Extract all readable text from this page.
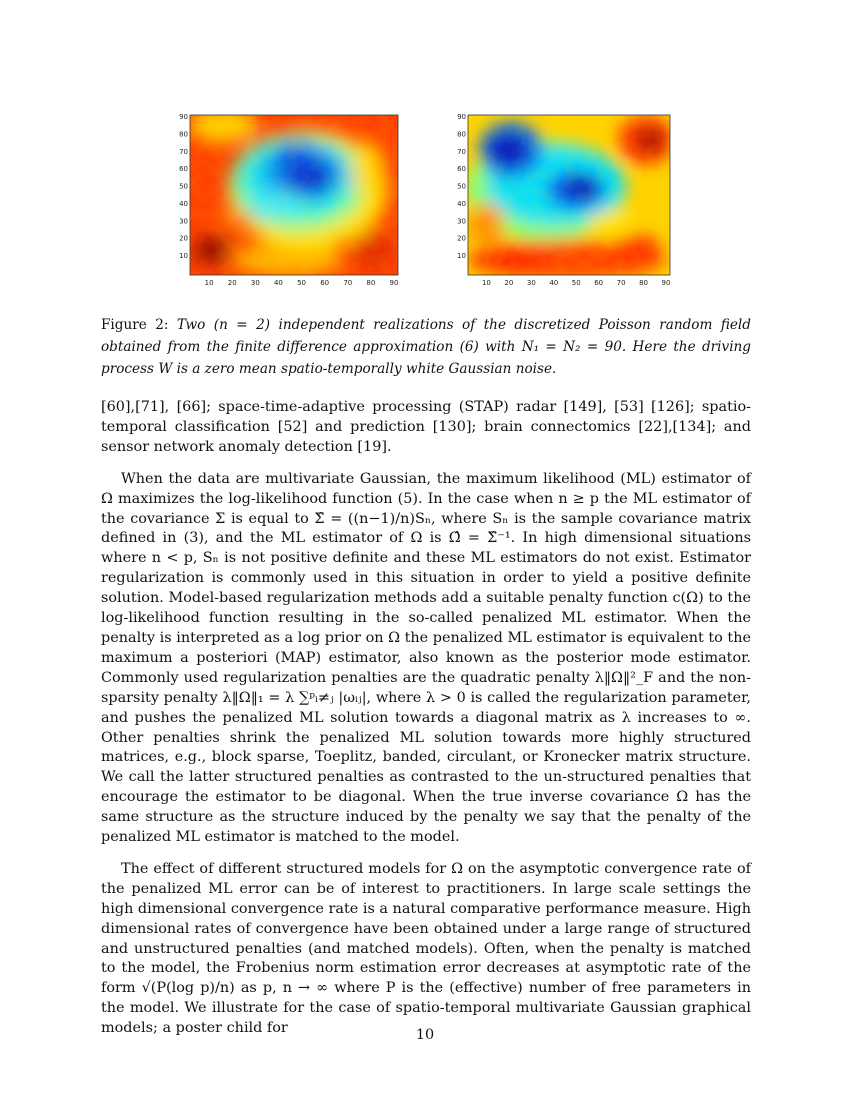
10 20 30 40 50 60 70 80 90
90
80
70
60
50
40
30
20
10
10 20 30 40 50 60 70 80 90
90
80
70
60
50
40
30
20
10
Figure 2: Two (n = 2) independent realizations of the discretized Poisson random field obtained from the finite difference approximation (6) with N₁ = N₂ = 90. Here the driving process W is a zero mean spatio-temporally white Gaussian noise.

[60],[71], [66]; space-time-adaptive processing (STAP) radar [149], [53] [126]; spatio-temporal classification [52] and prediction [130]; brain connectomics [22],[134]; and sensor network anomaly detection [19].

When the data are multivariate Gaussian, the maximum likelihood (ML) estimator of Ω maximizes the log-likelihood function (5). In the case when n ≥ p the ML estimator of the covariance Σ is equal to Σ̂ = ((n−1)/n)Sₙ, where Sₙ is the sample covariance matrix defined in (3), and the ML estimator of Ω is Ω̂ = Σ̂⁻¹. In high dimensional situations where n < p, Sₙ is not positive definite and these ML estimators do not exist. Estimator regularization is commonly used in this situation in order to yield a positive definite solution. Model-based regularization methods add a suitable penalty function c(Ω) to the log-likelihood function resulting in the so-called penalized ML estimator. When the penalty is interpreted as a log prior on Ω the penalized ML estimator is equivalent to the maximum a posteriori (MAP) estimator, also known as the posterior mode estimator. Commonly used regularization penalties are the quadratic penalty λ‖Ω‖²_F and the non-sparsity penalty λ‖Ω‖₁ = λ ∑ᵖᵢ≠ⱼ |ωᵢⱼ|, where λ > 0 is called the regularization parameter, and pushes the penalized ML solution towards a diagonal matrix as λ increases to ∞. Other penalties shrink the penalized ML solution towards more highly structured matrices, e.g., block sparse, Toeplitz, banded, circulant, or Kronecker matrix structure. We call the latter structured penalties as contrasted to the un-structured penalties that encourage the estimator to be diagonal. When the true inverse covariance Ω has the same structure as the structure induced by the penalty we say that the penalty of the penalized ML estimator is matched to the model.

The effect of different structured models for Ω on the asymptotic convergence rate of the penalized ML error can be of interest to practitioners. In large scale settings the high dimensional convergence rate is a natural comparative performance measure. High dimensional rates of convergence have been obtained under a large range of structured and unstructured penalties (and matched models). Often, when the penalty is matched to the model, the Frobenius norm estimation error decreases at asymptotic rate of the form √(P(log p)/n) as p, n → ∞ where P is the (effective) number of free parameters in the model. We illustrate for the case of spatio-temporal multivariate Gaussian graphical models; a poster child for	10
